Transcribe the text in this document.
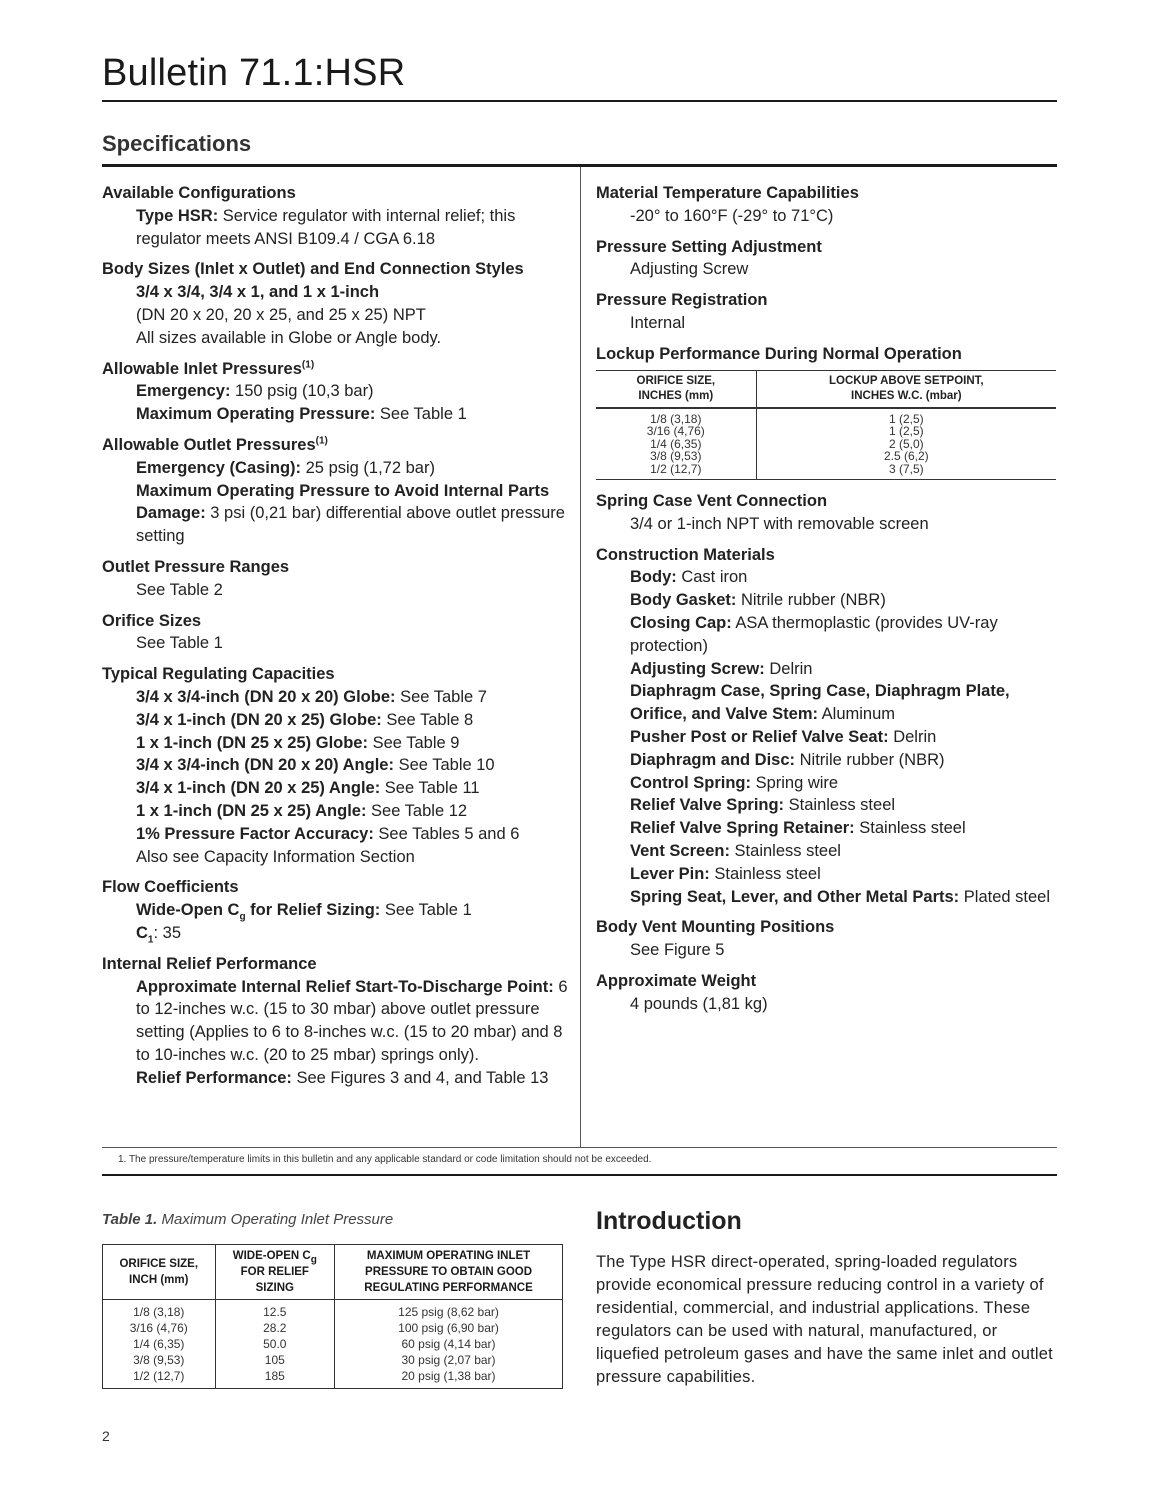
Bulletin 71.1:HSR
Specifications
Available Configurations
Type HSR: Service regulator with internal relief; this regulator meets ANSI B109.4 / CGA 6.18
Body Sizes (Inlet x Outlet) and End Connection Styles
3/4 x 3/4, 3/4 x 1, and 1 x 1-inch
(DN 20 x 20, 20 x 25, and 25 x 25) NPT
All sizes available in Globe or Angle body.
Allowable Inlet Pressures$^{(1)}$
Emergency: 150 psig (10,3 bar)
Maximum Operating Pressure: See Table 1
Allowable Outlet Pressures$^{(1)}$
Emergency (Casing): 25 psig (1,72 bar)
Maximum Operating Pressure to Avoid Internal Parts Damage: 3 psi (0,21 bar) differential above outlet pressure setting
Outlet Pressure Ranges
See Table 2
Orifice Sizes
See Table 1
Typical Regulating Capacities
3/4 x 3/4-inch (DN 20 x 20) Globe: See Table 7
3/4 x 1-inch (DN 20 x 25) Globe: See Table 8
1 x 1-inch (DN 25 x 25) Globe: See Table 9
3/4 x 3/4-inch (DN 20 x 20) Angle: See Table 10
3/4 x 1-inch (DN 20 x 25) Angle: See Table 11
1 x 1-inch (DN 25 x 25) Angle: See Table 12
1% Pressure Factor Accuracy: See Tables 5 and 6
Also see Capacity Information Section
Flow Coefficients
Wide-Open $C_g$ for Relief Sizing: See Table 1
$C_1$: 35
Internal Relief Performance
Approximate Internal Relief Start-To-Discharge Point: 6 to 12-inches w.c. (15 to 30 mbar) above outlet pressure setting (Applies to 6 to 8-inches w.c. (15 to 20 mbar) and 8 to 10-inches w.c. (20 to 25 mbar) springs only).
Relief Performance: See Figures 3 and 4, and Table 13
Material Temperature Capabilities
-20° to 160°F (-29° to 71°C)
Pressure Setting Adjustment
Adjusting Screw
Pressure Registration
Internal
Lockup Performance During Normal Operation
ORIFICE SIZE,
INCHES (mm)	LOCKUP ABOVE SETPOINT,
INCHES W.C. (mbar)
1/8 (3,18)	1 (2,5)
3/16 (4,76)	1 (2,5)
1/4 (6,35)	2 (5,0)
3/8 (9,53)	2.5 (6,2)
1/2 (12,7)	3 (7,5)
Spring Case Vent Connection
3/4 or 1-inch NPT with removable screen
Construction Materials
Body: Cast iron
Body Gasket: Nitrile rubber (NBR)
Closing Cap: ASA thermoplastic (provides UV-ray protection)
Adjusting Screw: Delrin
Diaphragm Case, Spring Case, Diaphragm Plate, Orifice, and Valve Stem: Aluminum
Pusher Post or Relief Valve Seat: Delrin
Diaphragm and Disc: Nitrile rubber (NBR)
Control Spring: Spring wire
Relief Valve Spring: Stainless steel
Relief Valve Spring Retainer: Stainless steel
Vent Screen: Stainless steel
Lever Pin: Stainless steel
Spring Seat, Lever, and Other Metal Parts: Plated steel
Body Vent Mounting Positions
See Figure 5
Approximate Weight
4 pounds (1,81 kg)
1. The pressure/temperature limits in this bulletin and any applicable standard or code limitation should not be exceeded.
Table 1. Maximum Operating Inlet Pressure
ORIFICE SIZE,
INCH (mm)	WIDE-OPEN $C_g$
FOR RELIEF
SIZING	MAXIMUM OPERATING INLET
PRESSURE TO OBTAIN GOOD
REGULATING PERFORMANCE
1/8 (3,18)	12.5	125 psig (8,62 bar)
3/16 (4,76)	28.2	100 psig (6,90 bar)
1/4 (6,35)	50.0	60 psig (4,14 bar)
3/8 (9,53)	105	30 psig (2,07 bar)
1/2 (12,7)	185	20 psig (1,38 bar)
Introduction
The Type HSR direct-operated, spring-loaded regulators provide economical pressure reducing control in a variety of residential, commercial, and industrial applications. These regulators can be used with natural, manufactured, or liquefied petroleum gases and have the same inlet and outlet pressure capabilities.
2
